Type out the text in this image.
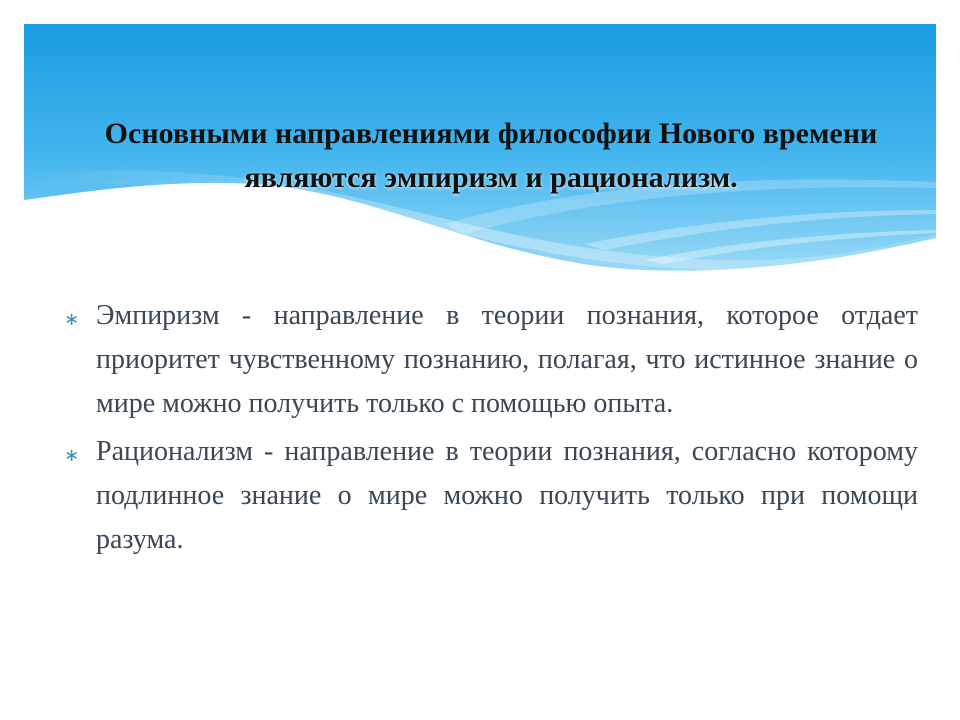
Основными направлениями философии Нового времени
являются эмпиризм и рационализм.
∗ Эмпиризм - направление в теории познания, которое отдает приоритет чувственному познанию, полагая, что истинное знание о мире можно получить только с помощью опыта.
∗ Рационализм - направление в теории познания, согласно которому подлинное знание о мире можно получить только при помощи разума.
